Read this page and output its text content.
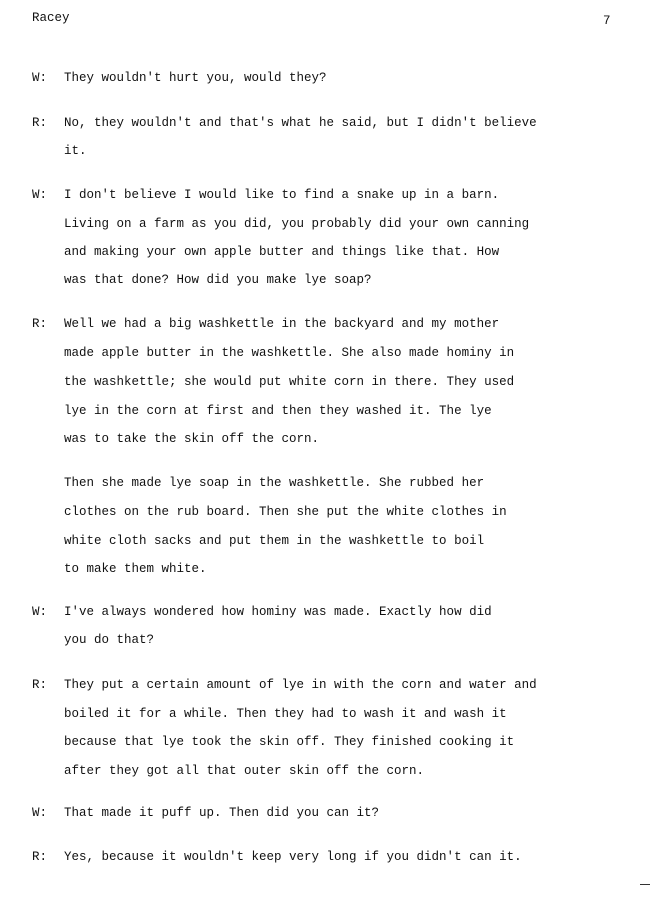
Racey	7
W: They wouldn't hurt you, would they?
R: No, they wouldn't and that's what he said, but I didn't believe
it.
W: I don't believe I would like to find a snake up in a barn.
Living on a farm as you did, you probably did your own canning
and making your own apple butter and things like that. How
was that done? How did you make lye soap?
R: Well we had a big washkettle in the backyard and my mother
made apple butter in the washkettle. She also made hominy in
the washkettle; she would put white corn in there. They used
lye in the corn at first and then they washed it. The lye
was to take the skin off the corn.
Then she made lye soap in the washkettle. She rubbed her
clothes on the rub board. Then she put the white clothes in
white cloth sacks and put them in the washkettle to boil
to make them white.
W: I've always wondered how hominy was made. Exactly how did
you do that?
R: They put a certain amount of lye in with the corn and water and
boiled it for a while. Then they had to wash it and wash it
because that lye took the skin off. They finished cooking it
after they got all that outer skin off the corn.
W: That made it puff up. Then did you can it?
R: Yes, because it wouldn't keep very long if you didn't can it.
